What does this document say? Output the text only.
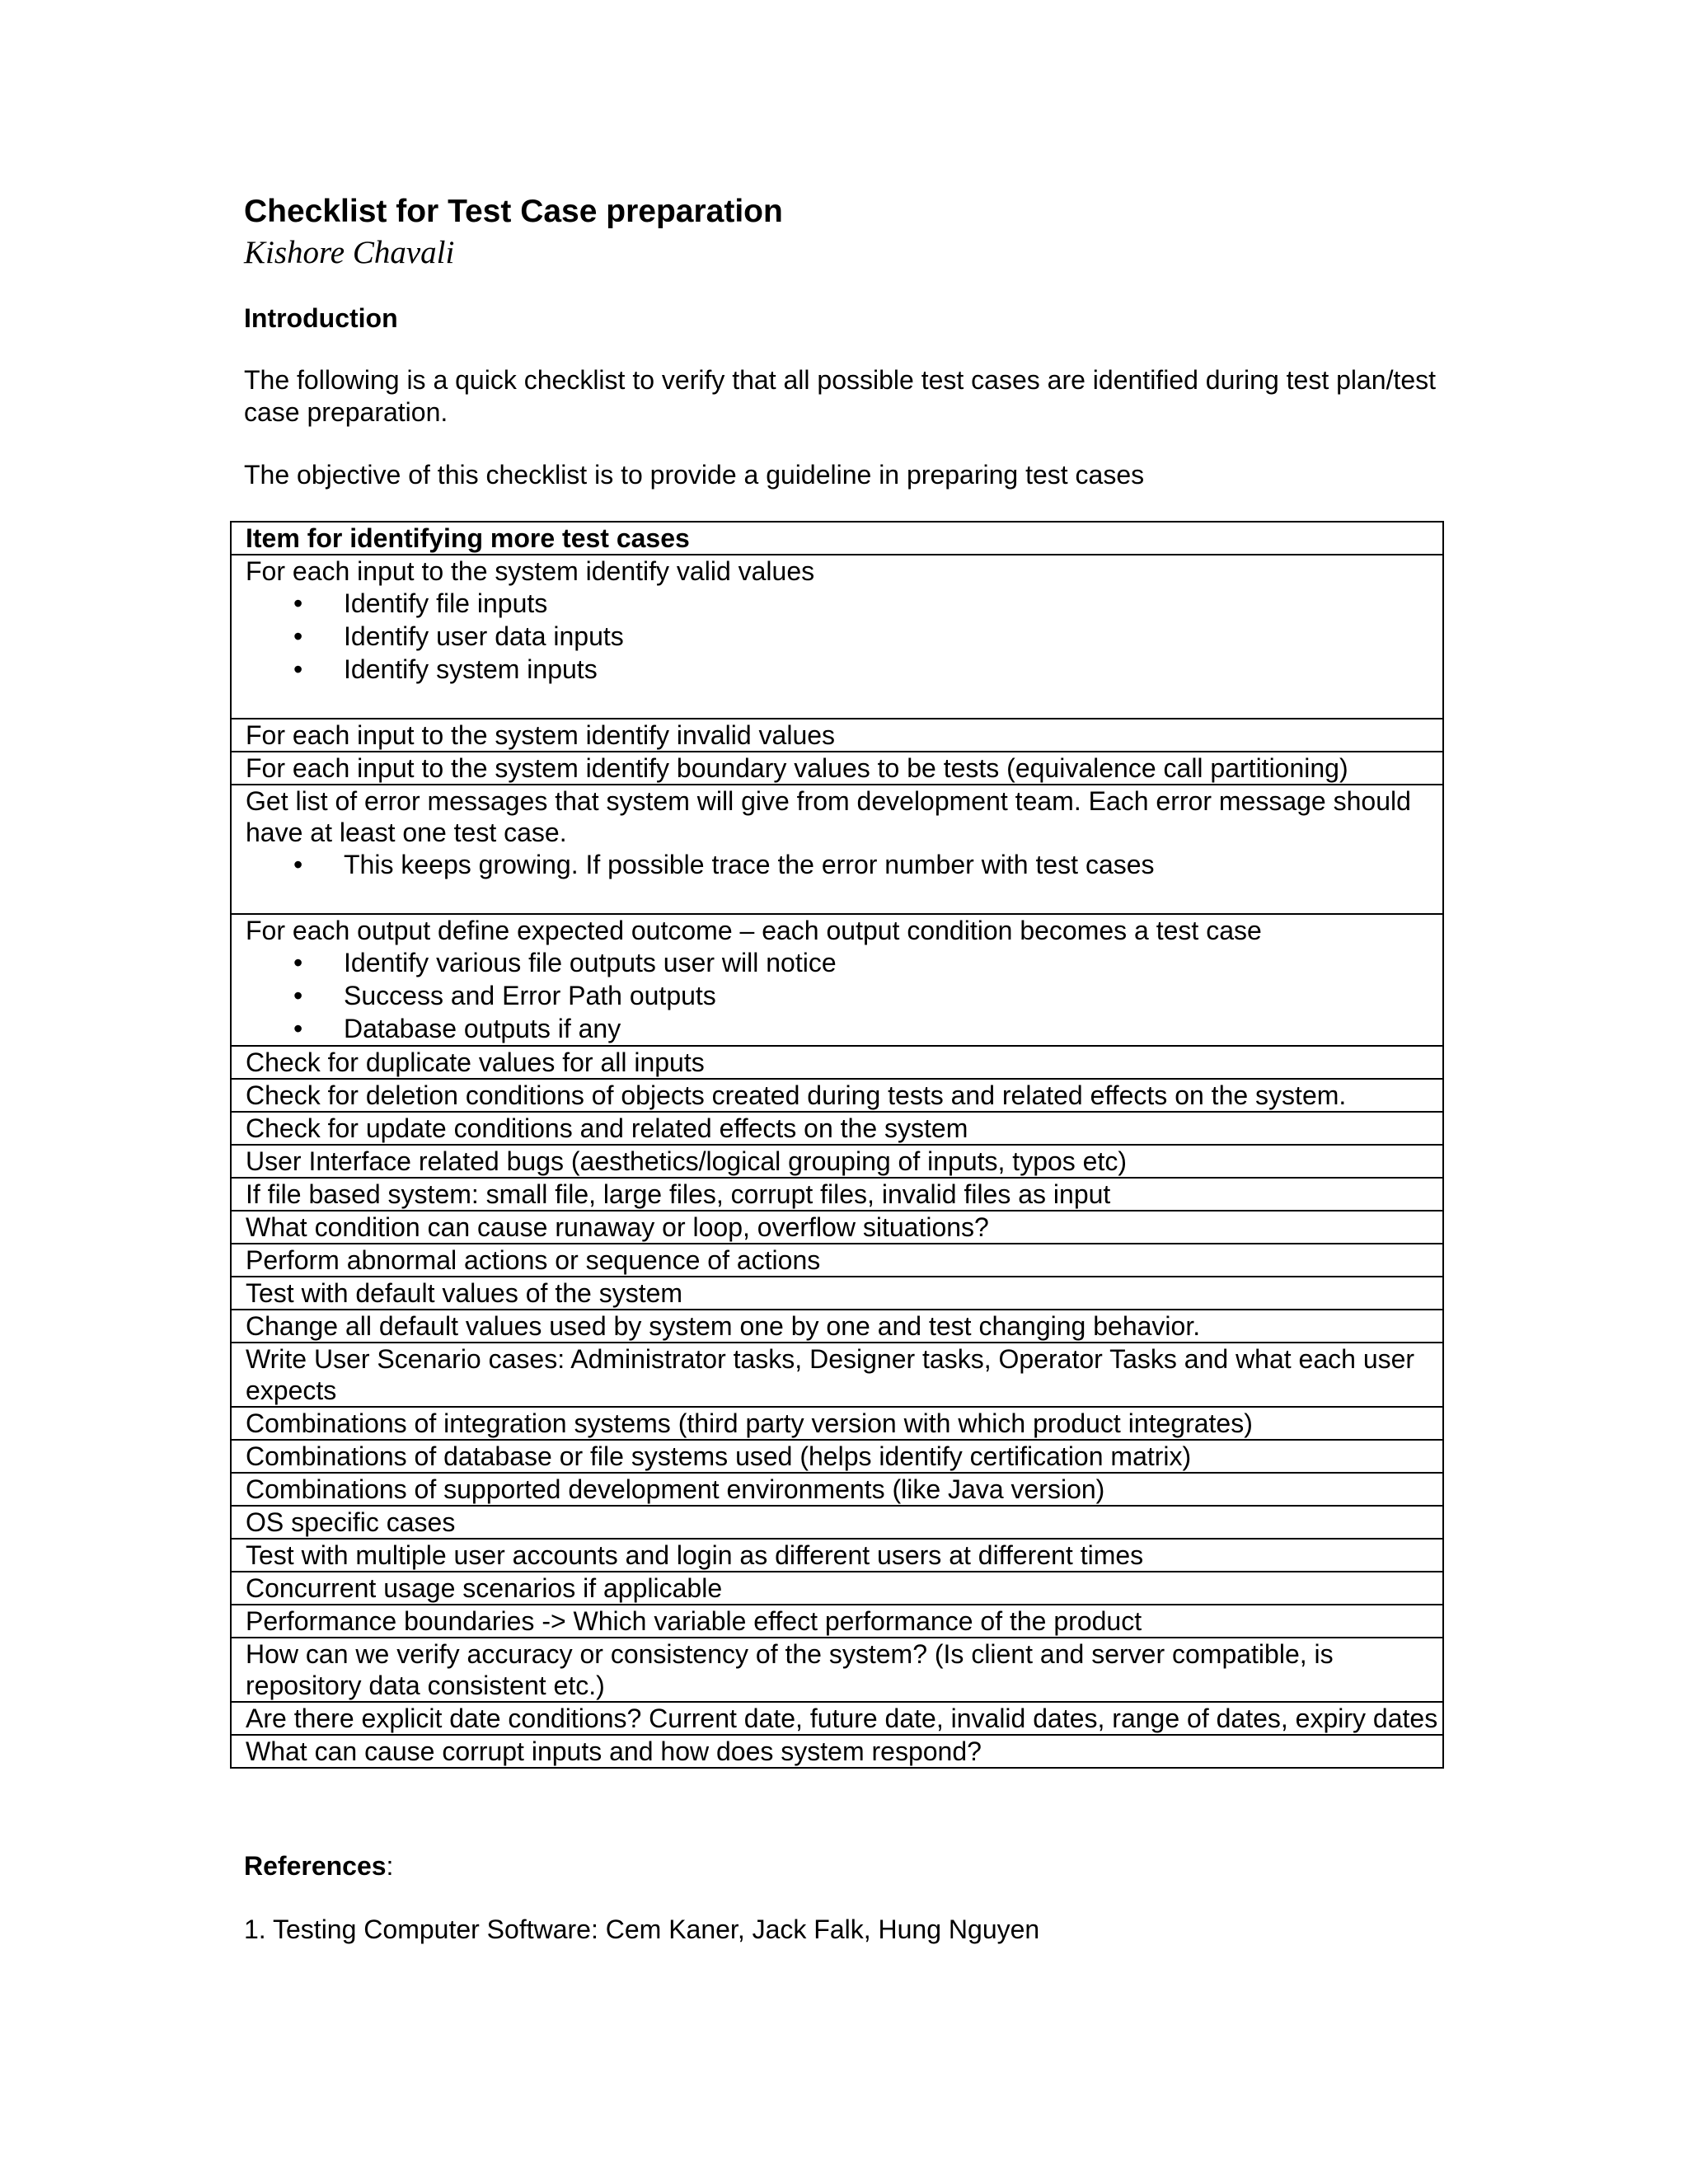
Checklist for Test Case preparation
Kishore Chavali
Introduction

The following is a quick checklist to verify that all possible test cases are identified during test plan/test case preparation.

The objective of this checklist is to provide a guideline in preparing test cases

Item for identifying more test cases

For each input to the system identify valid values
• Identify file inputs
• Identify user data inputs
• Identify system inputs

For each input to the system identify invalid values

For each input to the system identify boundary values to be tests (equivalence call partitioning)

Get list of error messages that system will give from development team. Each error message should have at least one test case.
• This keeps growing. If possible trace the error number with test cases

For each output define expected outcome – each output condition becomes a test case
• Identify various file outputs user will notice
• Success and Error Path outputs
• Database outputs if any

Check for duplicate values for all inputs

Check for deletion conditions of objects created during tests and related effects on the system.

Check for update conditions and related effects on the system

User Interface related bugs (aesthetics/logical grouping of inputs, typos etc)

If file based system: small file, large files, corrupt files, invalid files as input

What condition can cause runaway or loop, overflow situations?

Perform abnormal actions or sequence of actions

Test with default values of the system

Change all default values used by system one by one and test changing behavior.

Write User Scenario cases: Administrator tasks, Designer tasks, Operator Tasks and what each user expects

Combinations of integration systems (third party version with which product integrates)

Combinations of database or file systems used (helps identify certification matrix)

Combinations of supported development environments (like Java version)

OS specific cases

Test with multiple user accounts and login as different users at different times

Concurrent usage scenarios if applicable

Performance boundaries -> Which variable effect performance of the product

How can we verify accuracy or consistency of the system? (Is client and server compatible, is repository data consistent etc.)

Are there explicit date conditions? Current date, future date, invalid dates, range of dates, expiry dates

What can cause corrupt inputs and how does system respond?
References:
1. Testing Computer Software: Cem Kaner, Jack Falk, Hung Nguyen
